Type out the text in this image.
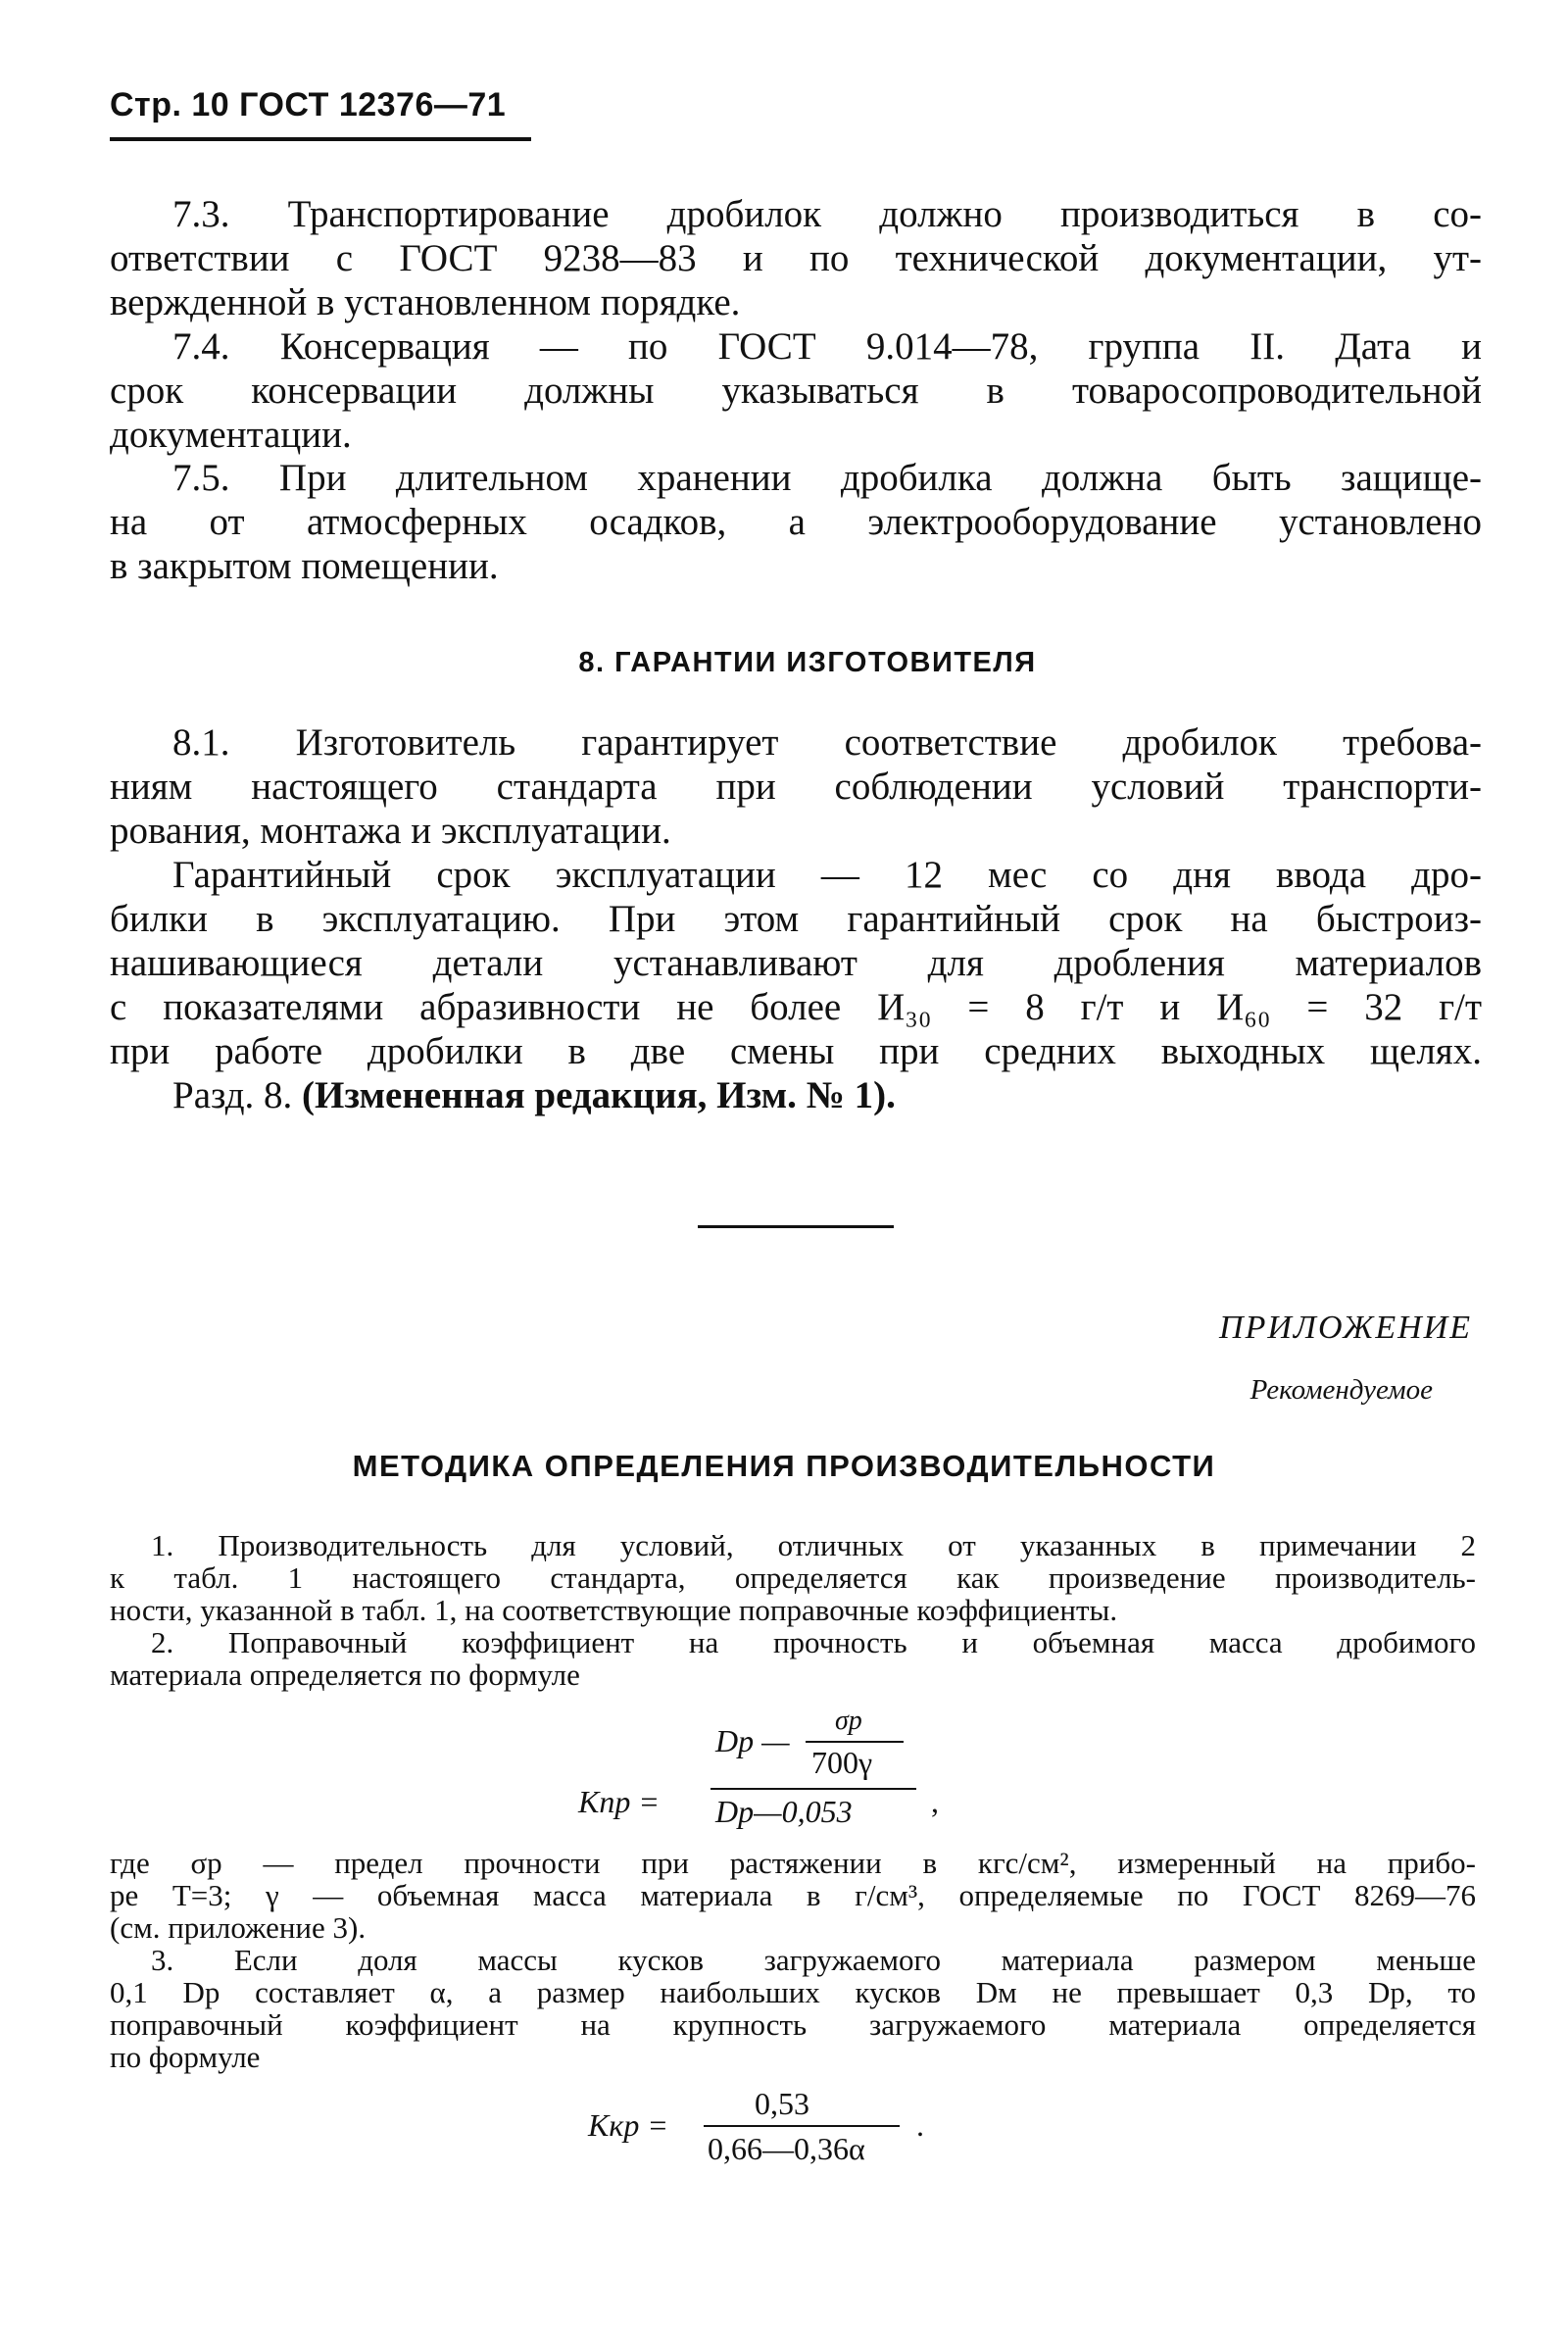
Стр. 10 ГОСТ 12376—71
7.3. Транспортирование дробилок должно производиться в со-
ответствии с ГОСТ 9238—83 и по технической документации, ут-
вержденной в установленном порядке.
7.4. Консервация — по ГОСТ 9.014—78, группа II. Дата и
срок консервации должны указываться в товаросопроводительной
документации.
7.5. При длительном хранении дробилка должна быть защище-
на от атмосферных осадков, а электрооборудование установлено
в закрытом помещении.
8. ГАРАНТИИ ИЗГОТОВИТЕЛЯ
8.1. Изготовитель гарантирует соответствие дробилок требова-
ниям настоящего стандарта при соблюдении условий транспорти-
рования, монтажа и эксплуатации.
Гарантийный срок эксплуатации — 12 мес со дня ввода дро-
билки в эксплуатацию. При этом гарантийный срок на быстроиз-
нашивающиеся детали устанавливают для дробления материалов
с показателями абразивности не более И₃₀ = 8 г/т и И₆₀ = 32 г/т
при работе дробилки в две смены при средних выходных щелях.
Разд. 8. (Измененная редакция, Изм. № 1).
ПРИЛОЖЕНИЕ
Рекомендуемое
МЕТОДИКА ОПРЕДЕЛЕНИЯ ПРОИЗВОДИТЕЛЬНОСТИ
1. Производительность для условий, отличных от указанных в примечании 2
к табл. 1 настоящего стандарта, определяется как произведение производитель-
ности, указанной в табл. 1, на соответствующие поправочные коэффициенты.
2. Поправочный коэффициент на прочность и объемная масса дробимого
материала определяется по формуле
Kпр =
Dр —
σр
700γ
Dр—0,053	,
где σр — предел прочности при растяжении в кгс/см², измеренный на прибо-
ре Т=3; γ — объемная масса материала в г/см³, определяемые по ГОСТ 8269—76
(см. приложение 3).
3. Если доля массы кусков загружаемого материала размером меньше
0,1 Dр составляет α, а размер наибольших кусков Dм не превышает 0,3 Dр, то
поправочный коэффициент на крупность загружаемого материала определяется
по формуле
Kкр =
0,53
0,66—0,36α
.
